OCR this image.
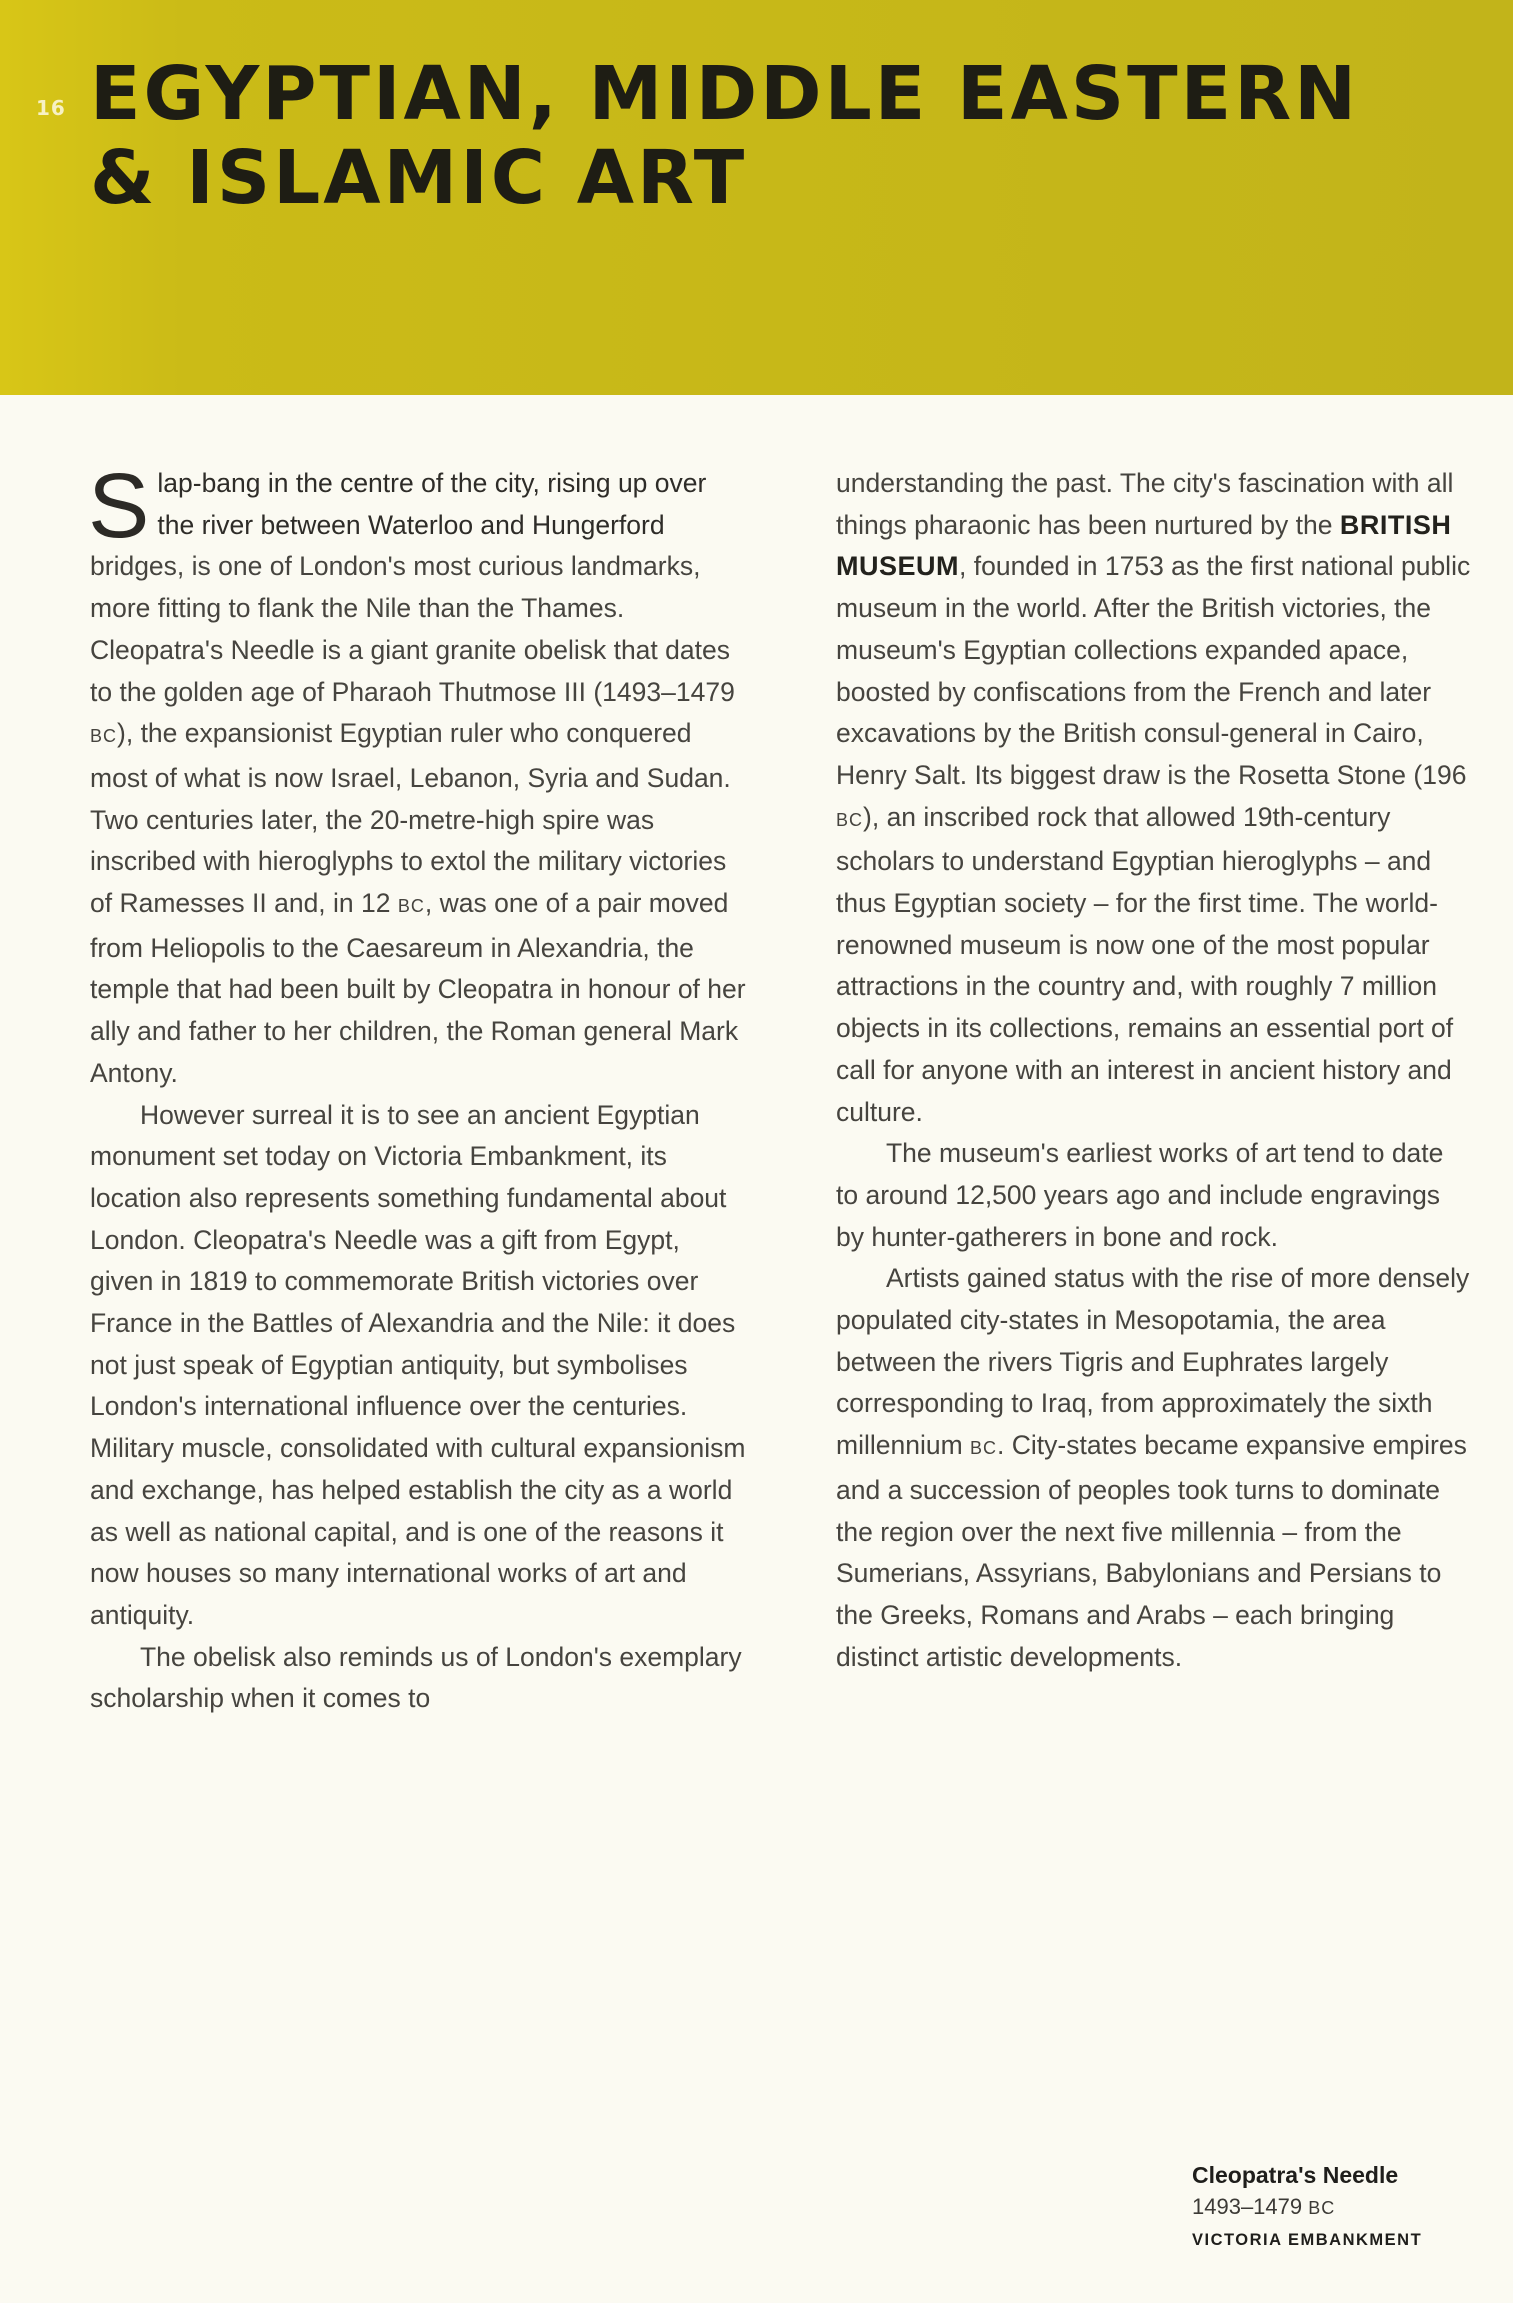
16 EGYPTIAN, MIDDLE EASTERN
& ISLAMIC ART

Slap-bang in the centre of the city, rising up over the river between Waterloo and Hungerford bridges, is one of London's most curious landmarks, more fitting to flank the Nile than the Thames. Cleopatra's Needle is a giant granite obelisk that dates to the golden age of Pharaoh Thutmose III (1493–1479 BC), the expansionist Egyptian ruler who conquered most of what is now Israel, Lebanon, Syria and Sudan. Two centuries later, the 20-metre-high spire was inscribed with hieroglyphs to extol the military victories of Ramesses II and, in 12 BC, was one of a pair moved from Heliopolis to the Caesareum in Alexandria, the temple that had been built by Cleopatra in honour of her ally and father to her children, the Roman general Mark Antony.

However surreal it is to see an ancient Egyptian monument set today on Victoria Embankment, its location also represents something fundamental about London. Cleopatra's Needle was a gift from Egypt, given in 1819 to commemorate British victories over France in the Battles of Alexandria and the Nile: it does not just speak of Egyptian antiquity, but symbolises London's international influence over the centuries. Military muscle, consolidated with cultural expansionism and exchange, has helped establish the city as a world as well as national capital, and is one of the reasons it now houses so many international works of art and antiquity.

The obelisk also reminds us of London's exemplary scholarship when it comes to

understanding the past. The city's fascination with all things pharaonic has been nurtured by the BRITISH MUSEUM, founded in 1753 as the first national public museum in the world. After the British victories, the museum's Egyptian collections expanded apace, boosted by confiscations from the French and later excavations by the British consul-general in Cairo, Henry Salt. Its biggest draw is the Rosetta Stone (196 BC), an inscribed rock that allowed 19th-century scholars to understand Egyptian hieroglyphs – and thus Egyptian society – for the first time. The world-renowned museum is now one of the most popular attractions in the country and, with roughly 7 million objects in its collections, remains an essential port of call for anyone with an interest in ancient history and culture.

The museum's earliest works of art tend to date to around 12,500 years ago and include engravings by hunter-gatherers in bone and rock.

Artists gained status with the rise of more densely populated city-states in Mesopotamia, the area between the rivers Tigris and Euphrates largely corresponding to Iraq, from approximately the sixth millennium BC. City-states became expansive empires and a succession of peoples took turns to dominate the region over the next five millennia – from the Sumerians, Assyrians, Babylonians and Persians to the Greeks, Romans and Arabs – each bringing distinct artistic developments.

Cleopatra's Needle
1493–1479 BC
VICTORIA EMBANKMENT
